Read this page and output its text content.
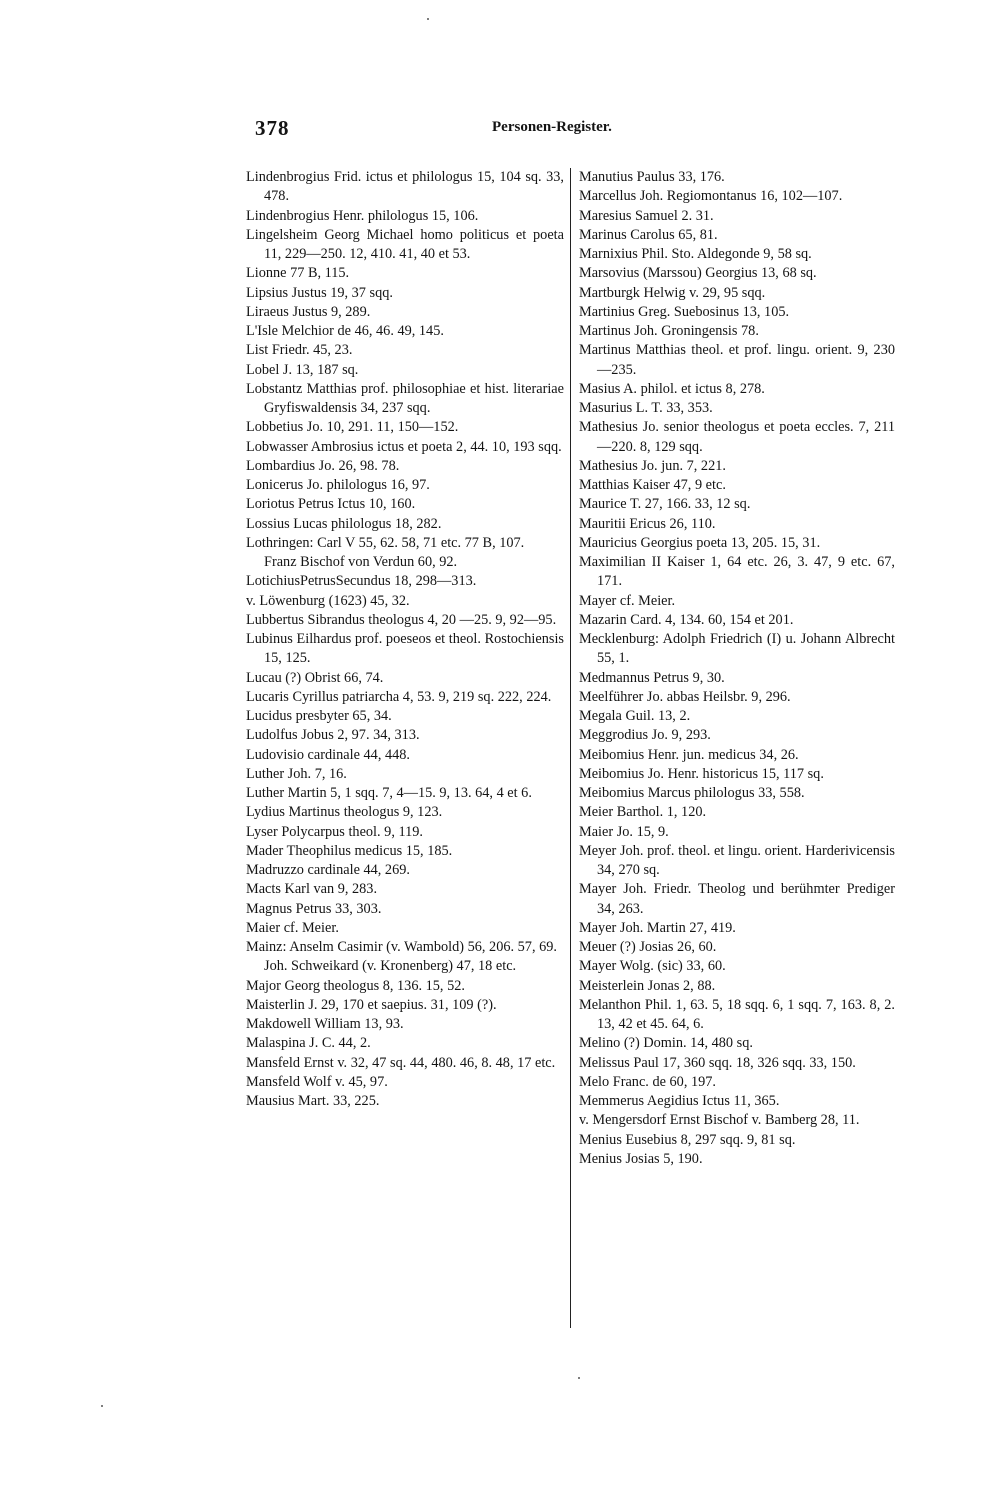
378	Personen-Register.

Lindenbrogius Frid. ictus et philologus 15, 104 sq. 33, 478.

Lindenbrogius Henr. philologus 15, 106.

Lingelsheim Georg Michael homo politicus et poeta 11, 229—250. 12, 410. 41, 40 et 53.

Lionne 77 B, 115.

Lipsius Justus 19, 37 sqq.

Liraeus Justus 9, 289.

L'Isle Melchior de 46, 46. 49, 145.

List Friedr. 45, 23.

Lobel J. 13, 187 sq.

Lobstantz Matthias prof. philosophiae et hist. literariae Gryfiswaldensis 34, 237 sqq.

Lobbetius Jo. 10, 291. 11, 150—152.

Lobwasser Ambrosius ictus et poeta 2, 44. 10, 193 sqq.

Lombardius Jo. 26, 98. 78.

Lonicerus Jo. philologus 16, 97.

Loriotus Petrus Ictus 10, 160.

Lossius Lucas philologus 18, 282.

Lothringen: Carl V 55, 62. 58, 71 etc. 77 B, 107.

Franz Bischof von Verdun 60, 92.

LotichiusPetrusSecundus 18, 298—313.

v. Löwenburg (1623) 45, 32.

Lubbertus Sibrandus theologus 4, 20 —25. 9, 92—95.

Lubinus Eilhardus prof. poeseos et theol. Rostochiensis 15, 125.

Lucau (?) Obrist 66, 74.

Lucaris Cyrillus patriarcha 4, 53. 9, 219 sq. 222, 224.

Lucidus presbyter 65, 34.

Ludolfus Jobus 2, 97. 34, 313.

Ludovisio cardinale 44, 448.

Luther Joh. 7, 16.

Luther Martin 5, 1 sqq. 7, 4—15. 9, 13. 64, 4 et 6.

Lydius Martinus theologus 9, 123.

Lyser Polycarpus theol. 9, 119.

Mader Theophilus medicus 15, 185.

Madruzzo cardinale 44, 269.

Macts Karl van 9, 283.

Magnus Petrus 33, 303.

Maier cf. Meier.

Mainz: Anselm Casimir (v. Wambold) 56, 206. 57, 69.

Joh. Schweikard (v. Kronenberg) 47, 18 etc.

Major Georg theologus 8, 136. 15, 52.

Maisterlin J. 29, 170 et saepius. 31, 109 (?).

Makdowell William 13, 93.

Malaspina J. C. 44, 2.

Mansfeld Ernst v. 32, 47 sq. 44, 480. 46, 8. 48, 17 etc.

Mansfeld Wolf v. 45, 97.

Mausius Mart. 33, 225.

Manutius Paulus 33, 176.

Marcellus Joh. Regiomontanus 16, 102—107.

Maresius Samuel 2. 31.

Marinus Carolus 65, 81.

Marnixius Phil. Sto. Aldegonde 9, 58 sq.

Marsovius (Marssou) Georgius 13, 68 sq.

Martburgk Helwig v. 29, 95 sqq.

Martinius Greg. Suebosinus 13, 105.

Martinus Joh. Groningensis 78.

Martinus Matthias theol. et prof. lingu. orient. 9, 230—235.

Masius A. philol. et ictus 8, 278.

Masurius L. T. 33, 353.

Mathesius Jo. senior theologus et poeta eccles. 7, 211—220. 8, 129 sqq.

Mathesius Jo. jun. 7, 221.

Matthias Kaiser 47, 9 etc.

Maurice T. 27, 166. 33, 12 sq.

Mauritii Ericus 26, 110.

Mauricius Georgius poeta 13, 205. 15, 31.

Maximilian II Kaiser 1, 64 etc. 26, 3. 47, 9 etc. 67, 171.

Mayer cf. Meier.

Mazarin Card. 4, 134. 60, 154 et 201.

Mecklenburg: Adolph Friedrich (I) u. Johann Albrecht 55, 1.

Medmannus Petrus 9, 30.

Meelführer Jo. abbas Heilsbr. 9, 296.

Megala Guil. 13, 2.

Meggrodius Jo. 9, 293.

Meibomius Henr. jun. medicus 34, 26.

Meibomius Jo. Henr. historicus 15, 117 sq.

Meibomius Marcus philologus 33, 558.

Meier Barthol. 1, 120.

Maier Jo. 15, 9.

Meyer Joh. prof. theol. et lingu. orient. Harderivicensis 34, 270 sq.

Mayer Joh. Friedr. Theolog und berühmter Prediger 34, 263.

Mayer Joh. Martin 27, 419.

Meuer (?) Josias 26, 60.

Mayer Wolg. (sic) 33, 60.

Meisterlein Jonas 2, 88.

Melanthon Phil. 1, 63. 5, 18 sqq. 6, 1 sqq. 7, 163. 8, 2. 13, 42 et 45. 64, 6.

Melino (?) Domin. 14, 480 sq.

Melissus Paul 17, 360 sqq. 18, 326 sqq. 33, 150.

Melo Franc. de 60, 197.

Memmerus Aegidius Ictus 11, 365.

v. Mengersdorf Ernst Bischof v. Bamberg 28, 11.

Menius Eusebius 8, 297 sqq. 9, 81 sq.

Menius Josias 5, 190.
